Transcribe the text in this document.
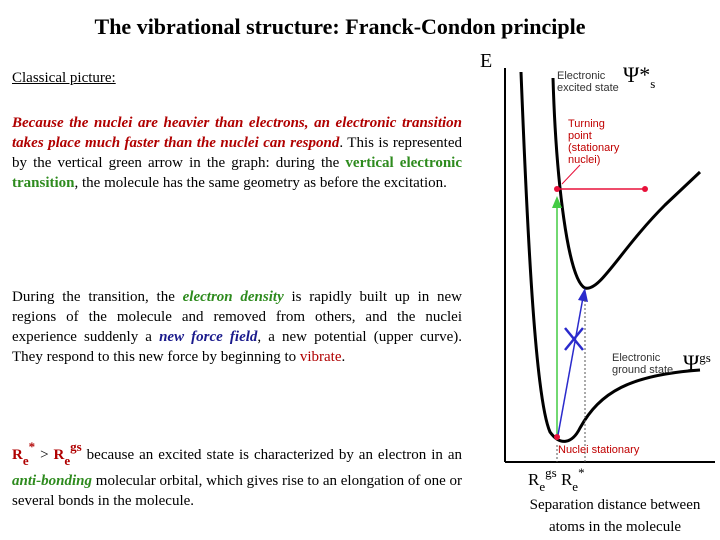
The vibrational structure: Franck-Condon principle
Classical picture:
Because the nuclei are heavier than electrons, an electronic transition takes place much faster than the nuclei can respond. This is represented by the vertical green arrow in the graph: during the vertical electronic transition, the molecule has the same geometry as before the excitation.
During the transition, the electron density is rapidly built up in new regions of the molecule and removed from others, and the nuclei experience suddenly a new force field, a new potential (upper curve). They respond to this new force by beginning to vibrate.
Re* > Regs because an excited state is characterized by an electron in an anti-bonding molecular orbital, which gives rise to an elongation of one or several bonds in the molecule.
E
Electronic
excited state
$\Psi*_s$
Turning
point
(stationary
nuclei)
Electronic
ground state $\Psi^{gs}$
Nuclei stationary
$R_e^{gs}$ $R_e^*$
Separation distance between
atoms in the molecule
